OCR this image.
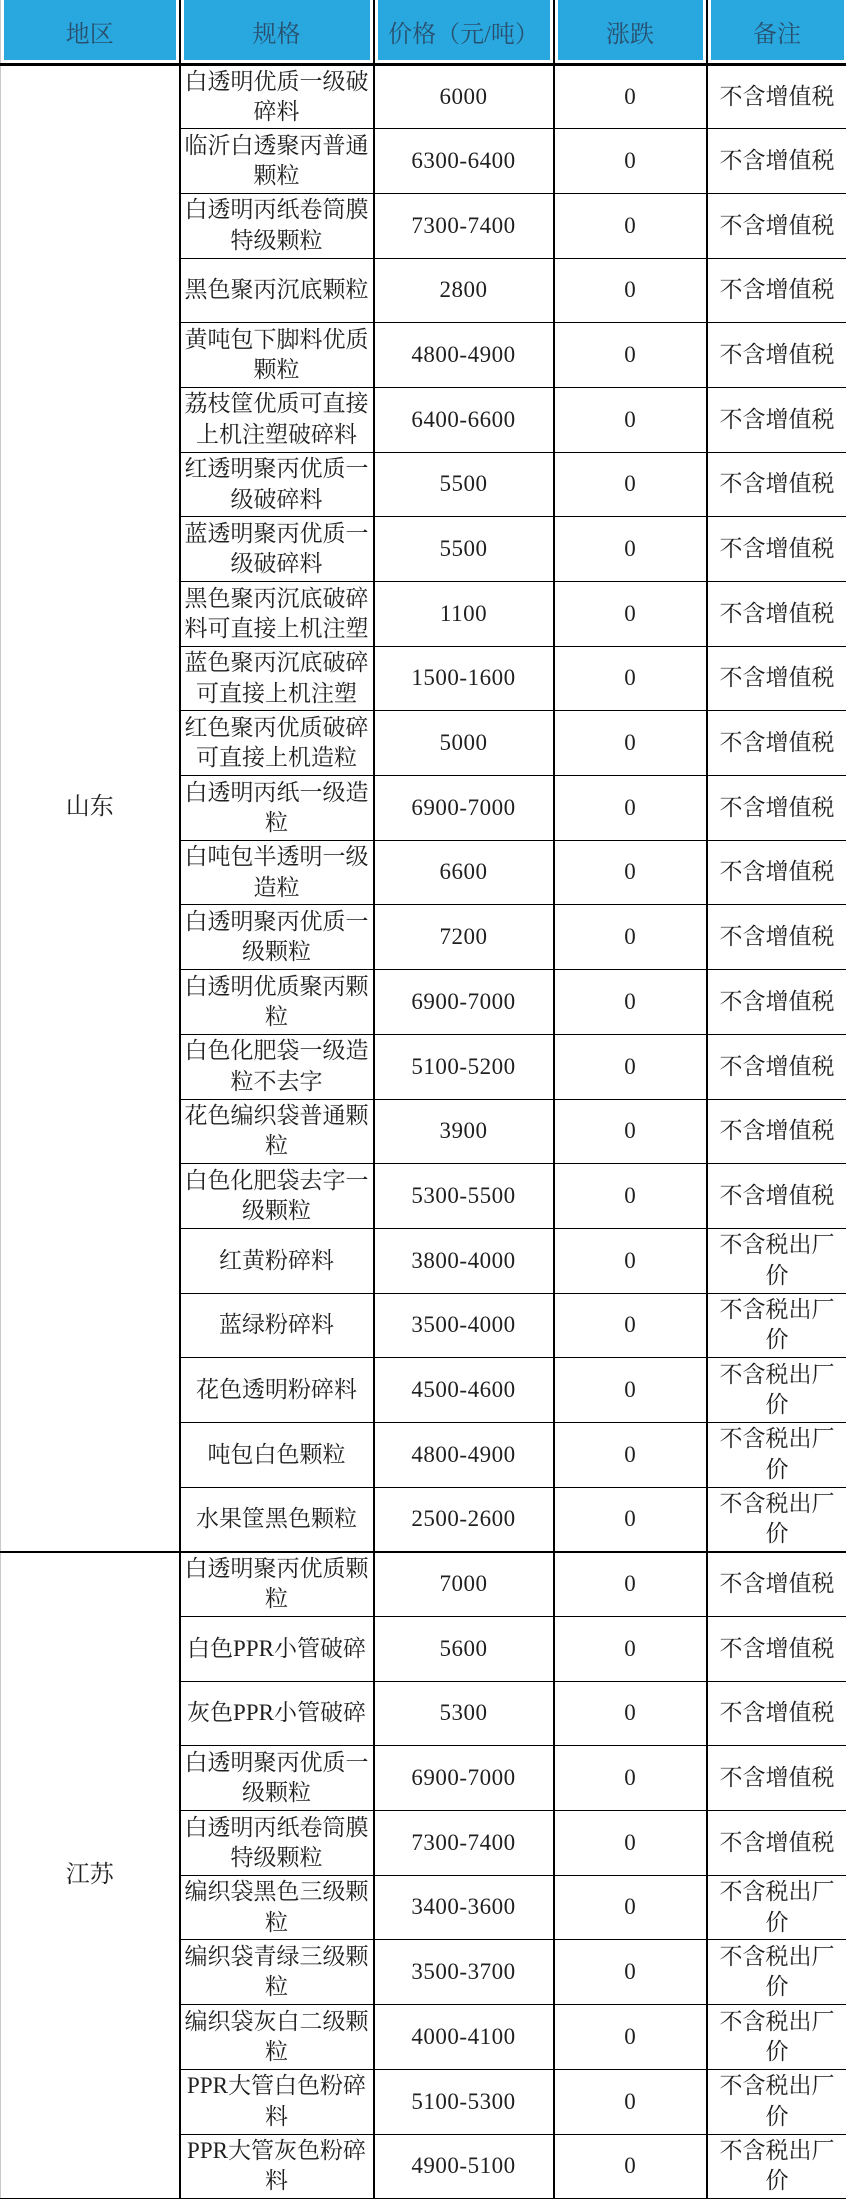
地区	规格	价格（元/吨）	涨跌	备注
山东	白透明优质一级破碎料	6000	0	不含增值税
	临沂白透聚丙普通颗粒	6300-6400	0	不含增值税
	白透明丙纸卷筒膜特级颗粒	7300-7400	0	不含增值税
	黑色聚丙沉底颗粒	2800	0	不含增值税
	黄吨包下脚料优质颗粒	4800-4900	0	不含增值税
	荔枝筐优质可直接上机注塑破碎料	6400-6600	0	不含增值税
	红透明聚丙优质一级破碎料	5500	0	不含增值税
	蓝透明聚丙优质一级破碎料	5500	0	不含增值税
	黑色聚丙沉底破碎料可直接上机注塑	1100	0	不含增值税
	蓝色聚丙沉底破碎可直接上机注塑	1500-1600	0	不含增值税
	红色聚丙优质破碎可直接上机造粒	5000	0	不含增值税
	白透明丙纸一级造粒	6900-7000	0	不含增值税
	白吨包半透明一级造粒	6600	0	不含增值税
	白透明聚丙优质一级颗粒	7200	0	不含增值税
	白透明优质聚丙颗粒	6900-7000	0	不含增值税
	白色化肥袋一级造粒不去字	5100-5200	0	不含增值税
	花色编织袋普通颗粒	3900	0	不含增值税
	白色化肥袋去字一级颗粒	5300-5500	0	不含增值税
	红黄粉碎料	3800-4000	0	不含税出厂价
	蓝绿粉碎料	3500-4000	0	不含税出厂价
	花色透明粉碎料	4500-4600	0	不含税出厂价
	吨包白色颗粒	4800-4900	0	不含税出厂价
	水果筐黑色颗粒	2500-2600	0	不含税出厂价
江苏	白透明聚丙优质颗粒	7000	0	不含增值税
	白色PPR小管破碎	5600	0	不含增值税
	灰色PPR小管破碎	5300	0	不含增值税
	白透明聚丙优质一级颗粒	6900-7000	0	不含增值税
	白透明丙纸卷筒膜特级颗粒	7300-7400	0	不含增值税
	编织袋黑色三级颗粒	3400-3600	0	不含税出厂价
	编织袋青绿三级颗粒	3500-3700	0	不含税出厂价
	编织袋灰白二级颗粒	4000-4100	0	不含税出厂价
	PPR大管白色粉碎料	5100-5300	0	不含税出厂价
	PPR大管灰色粉碎料	4900-5100	0	不含税出厂价
